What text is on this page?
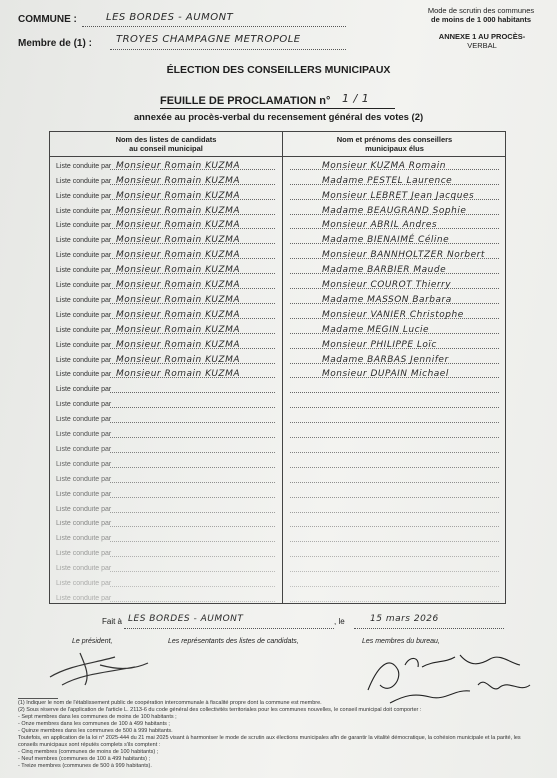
COMMUNE :	LES BORDES - AUMONT
Membre de (1) : TROYES CHAMPAGNE METROPOLE
Mode de scrutin des communes
de moins de 1 000 habitants
ANNEXE 1 AU PROCÈS-
VERBAL
ÉLECTION DES CONSEILLERS MUNICIPAUX
FEUILLE DE PROCLAMATION n° 1 / 1
annexée au procès-verbal du recensement général des votes (2)
Nom des listes de candidats
au conseil municipal
Nom et prénoms des conseillers
municipaux élus
Liste conduite par Monsieur Romain KUZMA	Monsieur KUZMA Romain
Liste conduite par Monsieur Romain KUZMA	Madame PESTEL Laurence
Liste conduite par Monsieur Romain KUZMA	Monsieur LEBRET Jean Jacques
Liste conduite par Monsieur Romain KUZMA	Madame BEAUGRAND Sophie
Liste conduite par Monsieur Romain KUZMA	Monsieur ABRIL Andres
Liste conduite par Monsieur Romain KUZMA	Madame BIENAIMÉ Céline
Liste conduite par Monsieur Romain KUZMA	Monsieur BANNHOLTZER Norbert
Liste conduite par Monsieur Romain KUZMA	Madame BARBIER Maude
Liste conduite par Monsieur Romain KUZMA	Monsieur COUROT Thierry
Liste conduite par Monsieur Romain KUZMA	Madame MASSON Barbara
Liste conduite par Monsieur Romain KUZMA	Monsieur VANIER Christophe
Liste conduite par Monsieur Romain KUZMA	Madame MEGIN Lucie
Liste conduite par Monsieur Romain KUZMA	Monsieur PHILIPPE Loïc
Liste conduite par Monsieur Romain KUZMA	Madame BARBAS Jennifer
Liste conduite par Monsieur Romain KUZMA	Monsieur DUPAIN Michael
Liste conduite par
Liste conduite par
Liste conduite par
Liste conduite par
Liste conduite par
Liste conduite par
Liste conduite par
Liste conduite par
Liste conduite par
Liste conduite par
Liste conduite par
Liste conduite par
Liste conduite par
Liste conduite par
Liste conduite par
Fait à LES BORDES - AUMONT	, le	15 mars 2026
Le président,	Les représentants des listes de candidats,	Les membres du bureau,
(1) Indiquer le nom de l'établissement public de coopération intercommunale à fiscalité propre dont la commune est membre.
(2) Sous réserve de l'application de l'article L. 2113-6 du code général des collectivités territoriales pour les communes nouvelles, le conseil municipal doit comporter :
- Sept membres dans les communes de moins de 100 habitants ;
- Onze membres dans les communes de 100 à 499 habitants ;
- Quinze membres dans les communes de 500 à 999 habitants.
Toutefois, en application de la loi n° 2025-444 du 21 mai 2025 visant à harmoniser le mode de scrutin aux élections municipales afin de garantir la vitalité démocratique, la cohésion municipale et la parité, les
conseils municipaux sont réputés complets s'ils comptent :
- Cinq membres (communes de moins de 100 habitants) ;
- Neuf membres (communes de 100 à 499 habitants) ;
- Treize membres (communes de 500 à 999 habitants).
